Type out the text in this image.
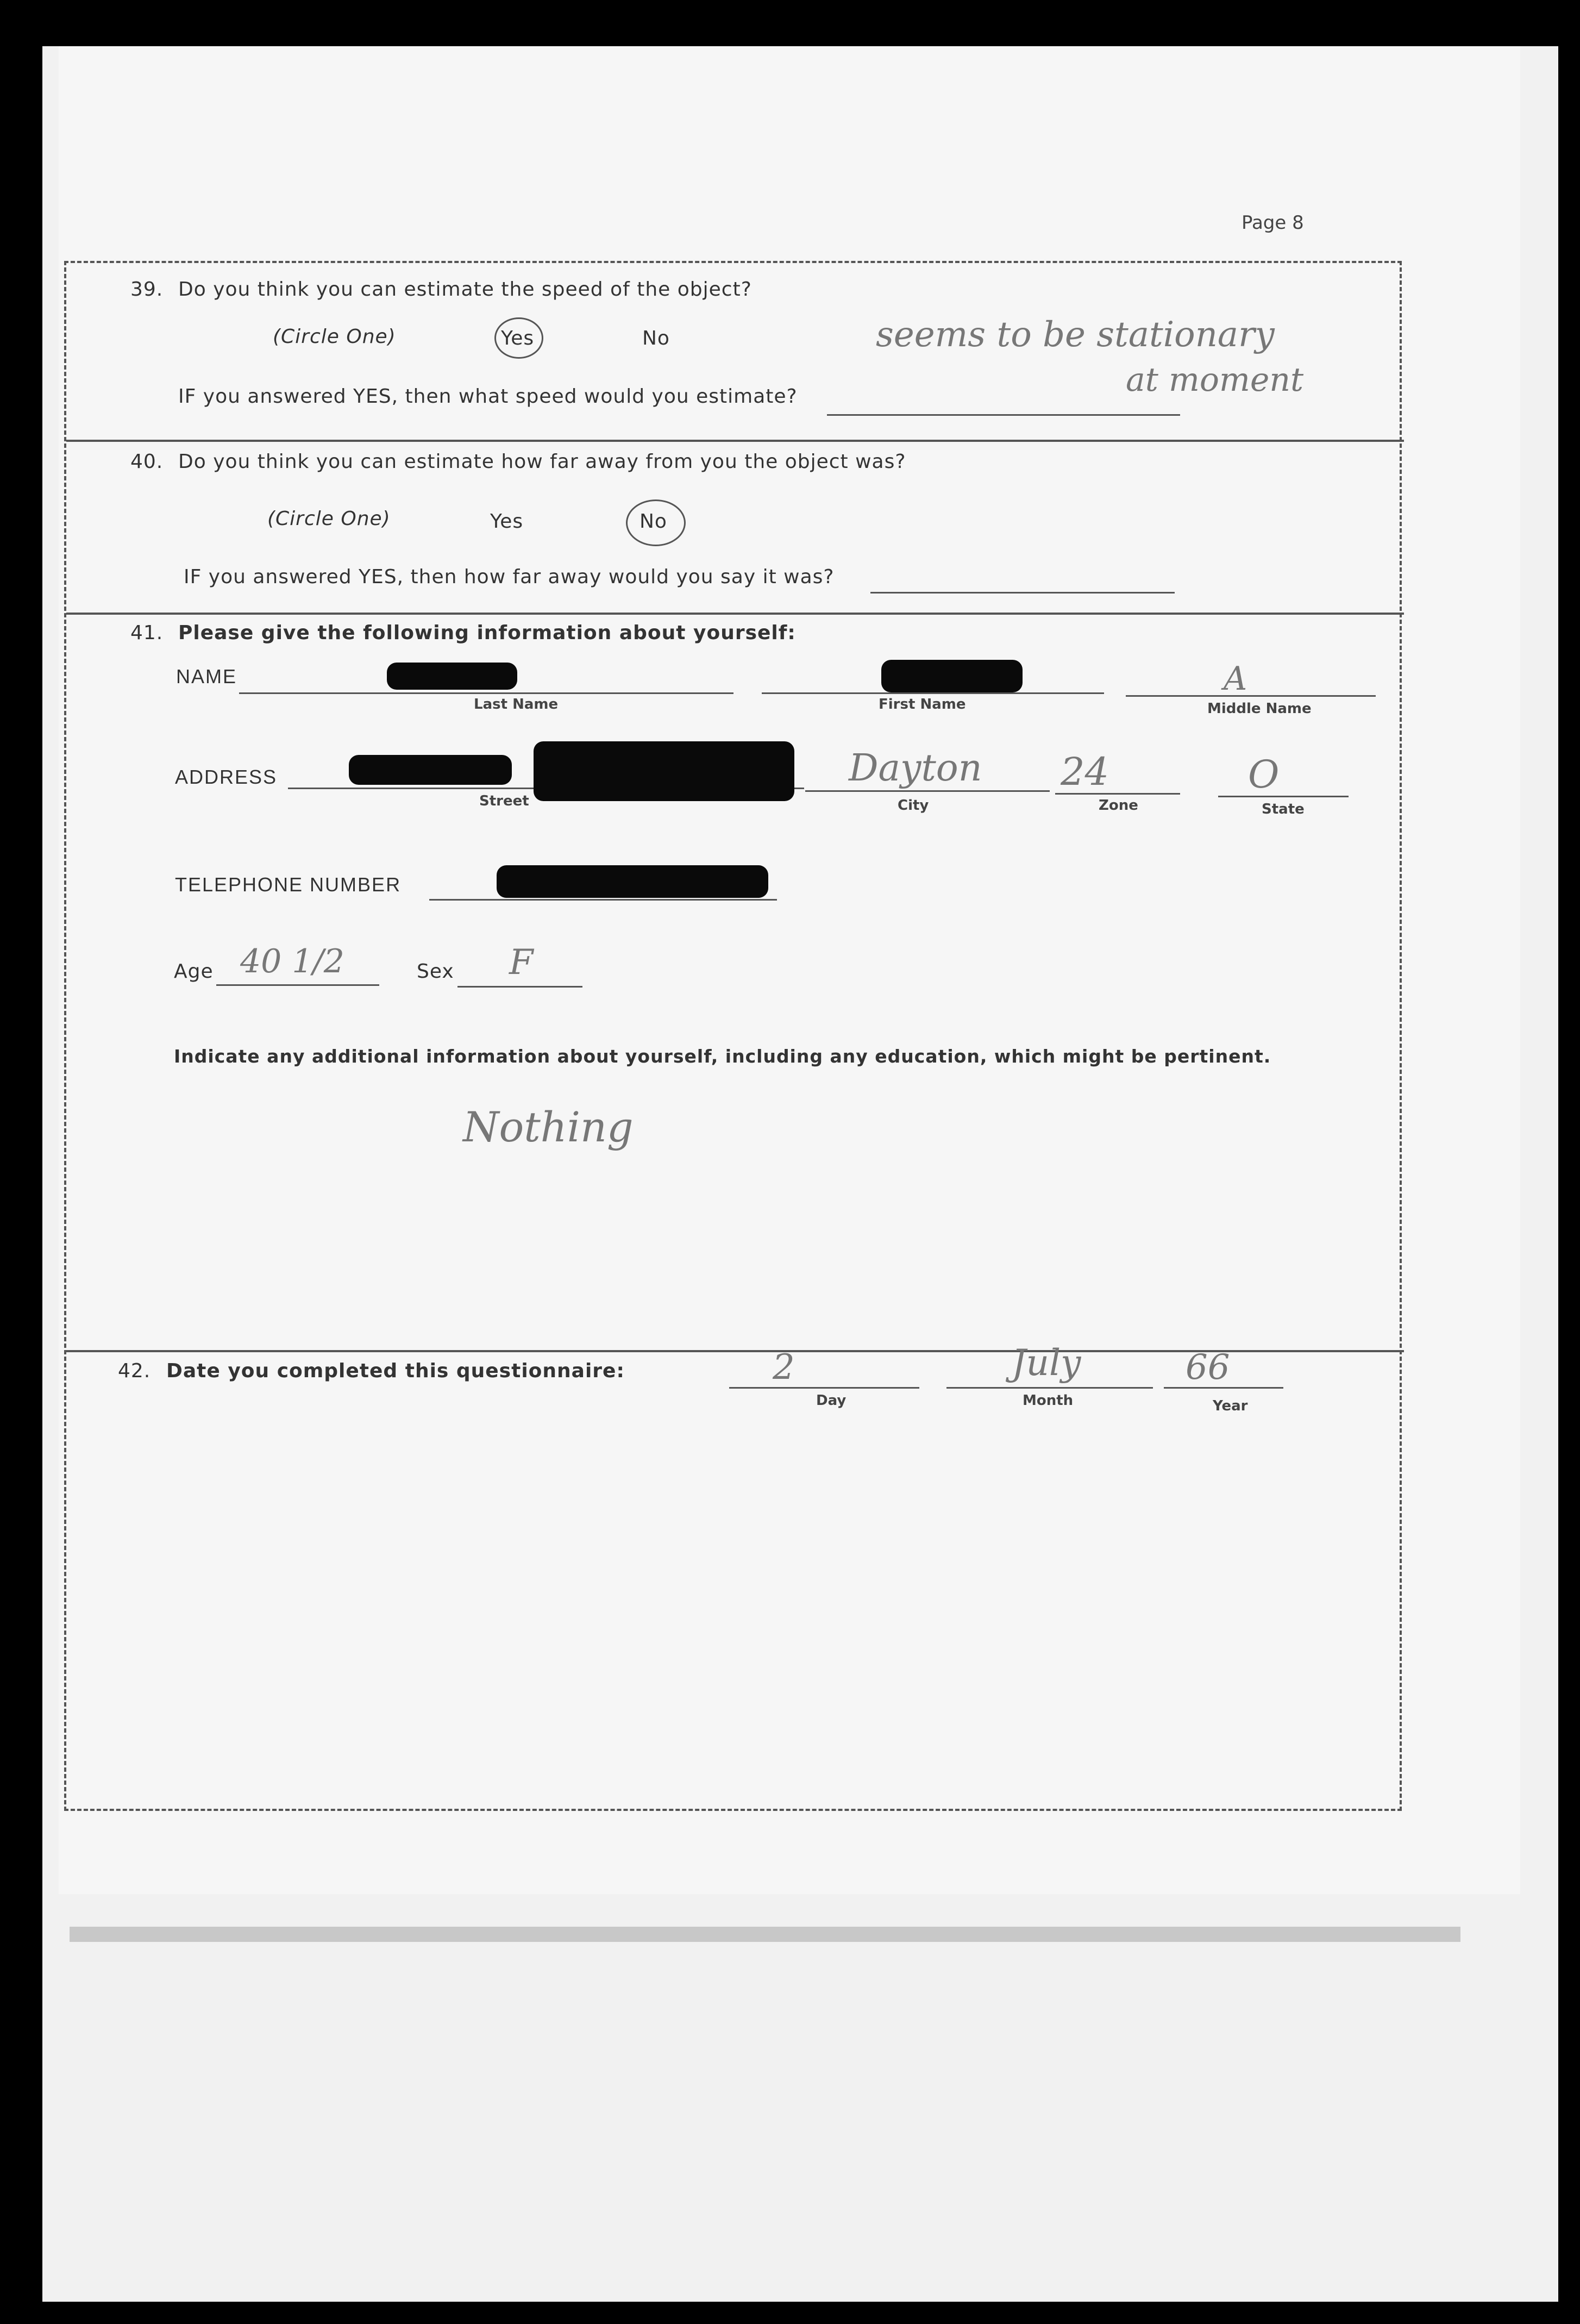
Page 8
39. Do you think you can estimate the speed of the object?
(Circle One)	Yes	No	seems to be stationary
at moment
IF you answered YES, then what speed would you estimate?
40. Do you think you can estimate how far away from you the object was?
(Circle One)	Yes	No
IF you answered YES, then how far away would you say it was?
41. Please give the following information about yourself:
NAME
Last Name	First Name
A
Middle Name
ADDRESS
Street
Dayton
City
24
Zone
O
State
TELEPHONE NUMBER
Age 40 1/2	Sex F
Indicate any additional information about yourself, including any education, which might be pertinent.
Nothing
42. Date you completed this questionnaire:	2
Day
July
Month
66
Year
